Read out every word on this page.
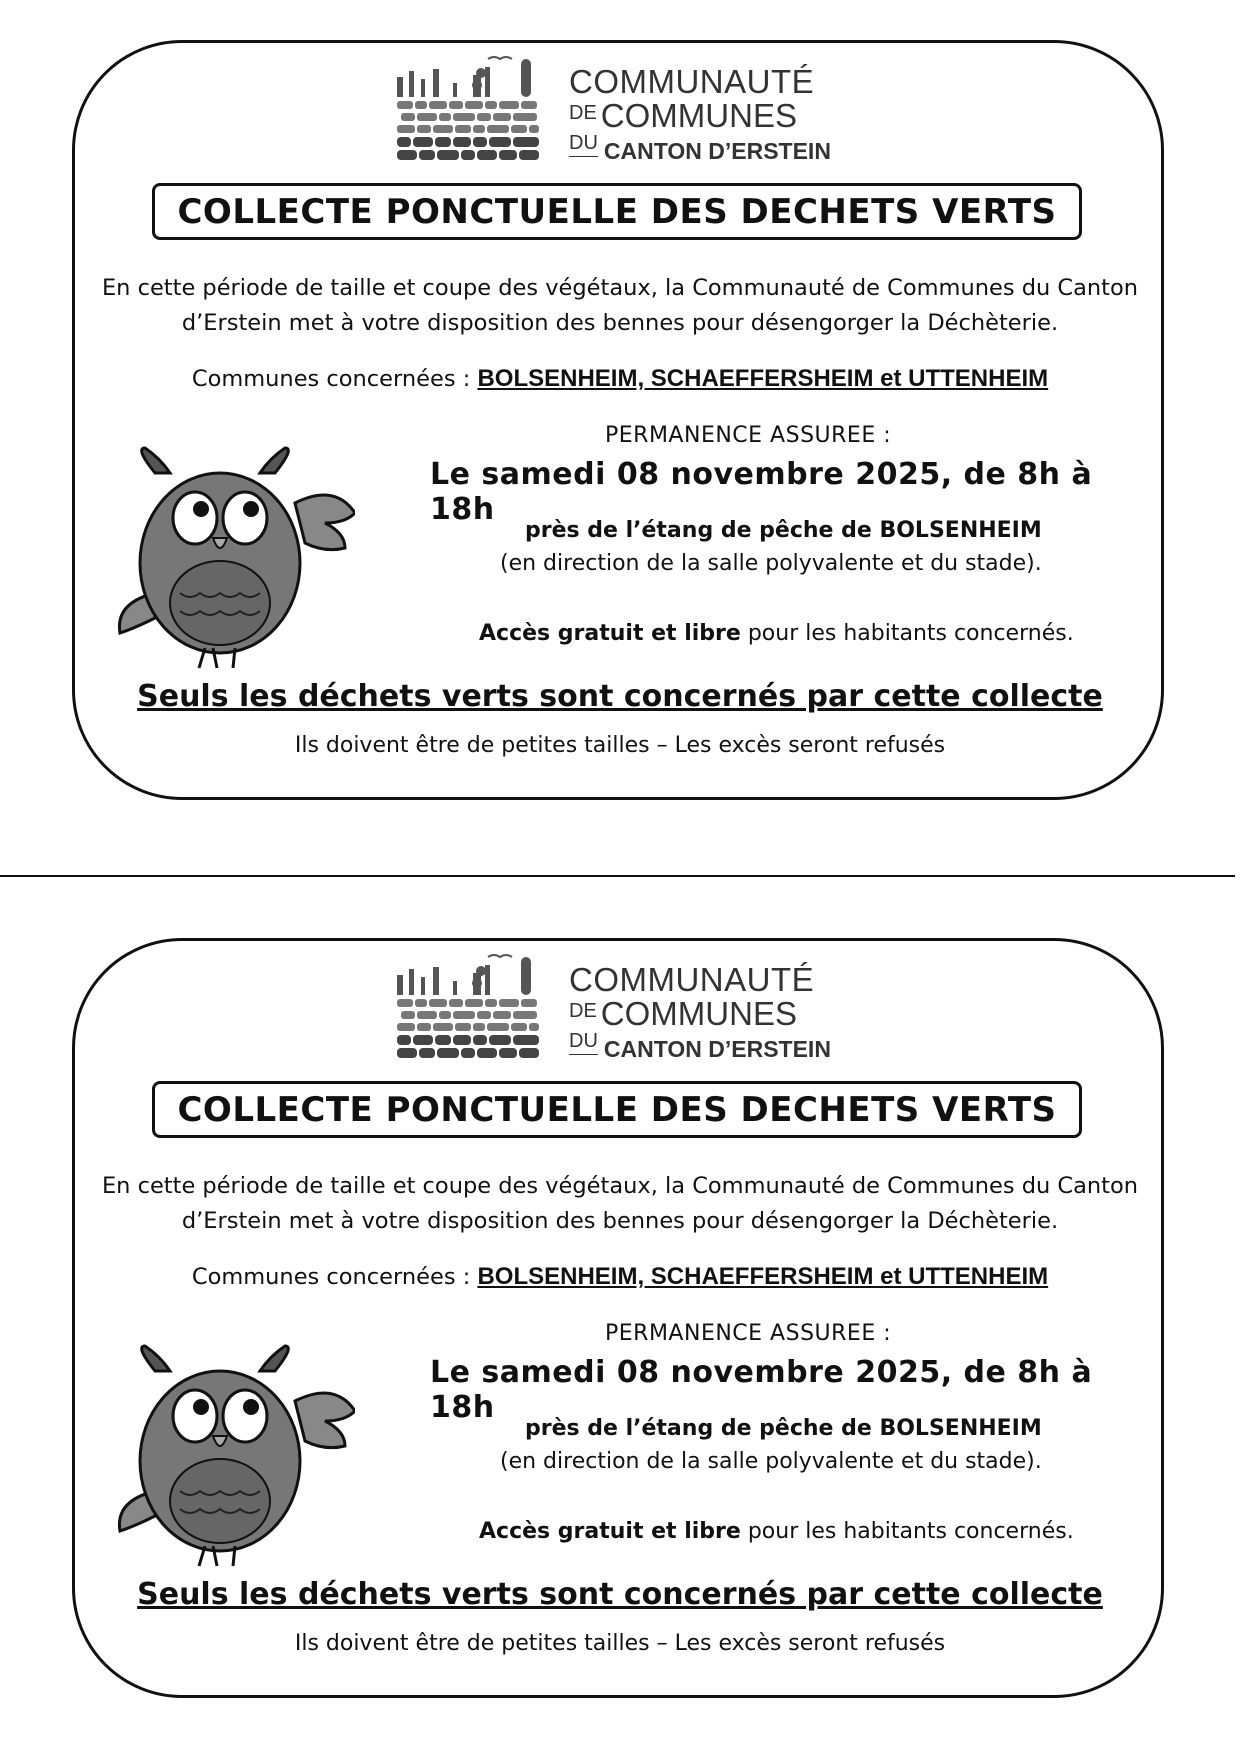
COMMUNAUTÉ
DE COMMUNES
DU CANTON D’ERSTEIN
COLLECTE PONCTUELLE DES DECHETS VERTS
En cette période de taille et coupe des végétaux, la Communauté de Communes du Canton
d’Erstein met à votre disposition des bennes pour désengorger la Déchèterie.
Communes concernées : BOLSENHEIM, SCHAEFFERSHEIM et UTTENHEIM
PERMANENCE ASSUREE :
Le samedi 08 novembre 2025, de 8h à 18h
près de l’étang de pêche de BOLSENHEIM
(en direction de la salle polyvalente et du stade).
Accès gratuit et libre pour les habitants concernés.
Seuls les déchets verts sont concernés par cette collecte
Ils doivent être de petites tailles – Les excès seront refusés
COMMUNAUTÉ
DE COMMUNES
DU CANTON D’ERSTEIN
COLLECTE PONCTUELLE DES DECHETS VERTS
En cette période de taille et coupe des végétaux, la Communauté de Communes du Canton
d’Erstein met à votre disposition des bennes pour désengorger la Déchèterie.
Communes concernées : BOLSENHEIM, SCHAEFFERSHEIM et UTTENHEIM
PERMANENCE ASSUREE :
Le samedi 08 novembre 2025, de 8h à 18h
près de l’étang de pêche de BOLSENHEIM
(en direction de la salle polyvalente et du stade).
Accès gratuit et libre pour les habitants concernés.
Seuls les déchets verts sont concernés par cette collecte
Ils doivent être de petites tailles – Les excès seront refusés
